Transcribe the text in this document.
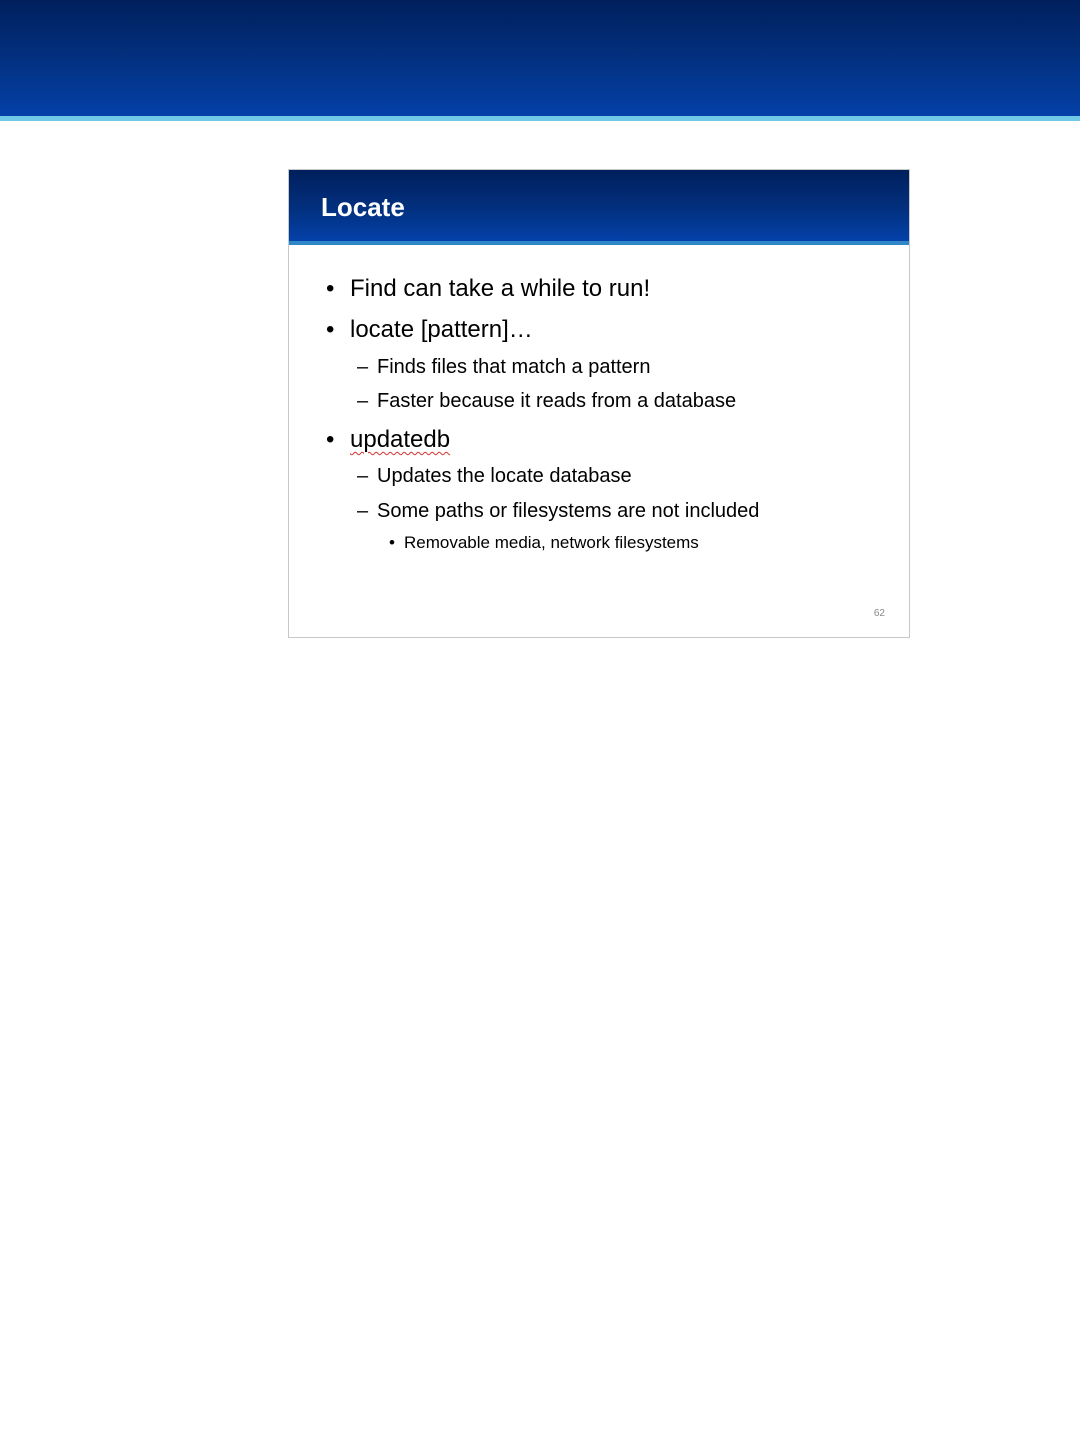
Locate
• Find can take a while to run!
• locate [pattern]…
– Finds files that match a pattern
– Faster because it reads from a database
• updatedb
– Updates the locate database
– Some paths or filesystems are not included
• Removable media, network filesystems
62
